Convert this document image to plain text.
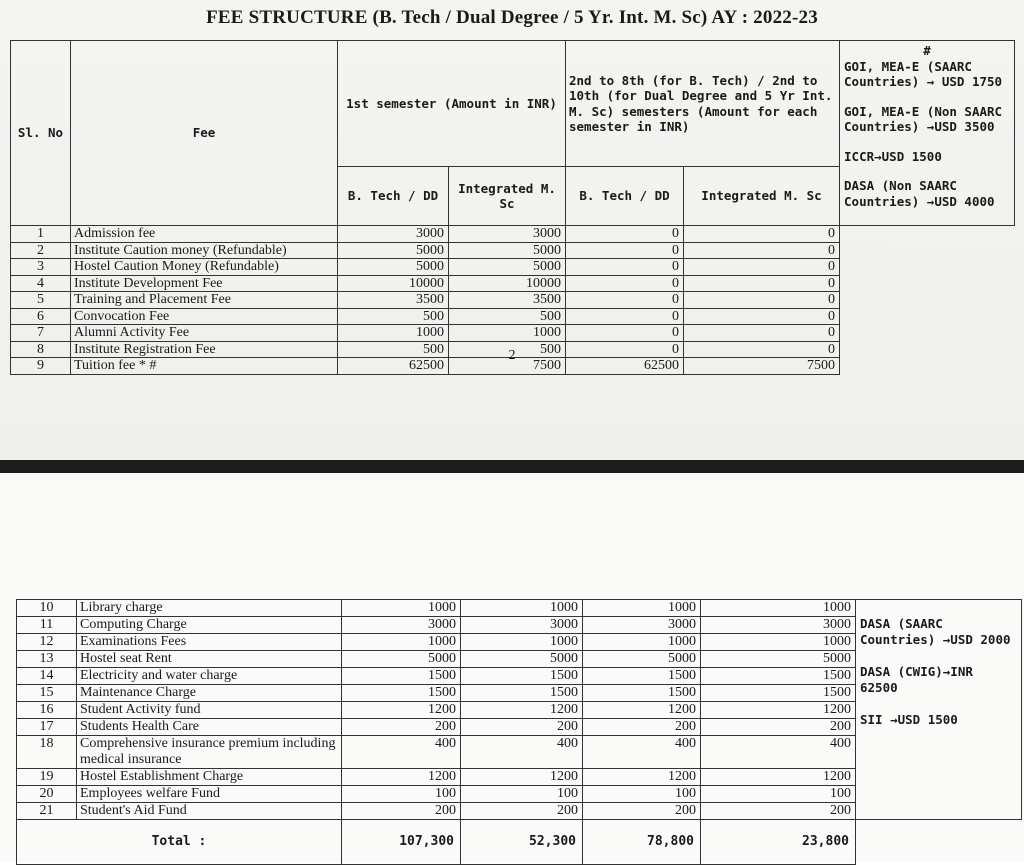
FEE STRUCTURE (B. Tech / Dual Degree / 5 Yr. Int. M. Sc) AY : 2022-23
Sl. No	Fee	1st semester (Amount in INR)		2nd to 8th (for B. Tech) / 2nd to 10th (for Dual Degree and 5 Yr Int. M. Sc) semesters (Amount for each semester in INR)		#
GOI, MEA-E (SAARC Countries) → USD 1750
GOI, MEA-E (Non SAARC Countries) →USD 3500
ICCR→USD 1500
DASA (Non SAARC Countries) →USD 4000

		B. Tech / DD	Integrated M. Sc	B. Tech / DD	Integrated M. Sc	
1	Admission fee	3000	3000	0	0	
2	Institute Caution money (Refundable)	5000	5000	0	0	
3	Hostel Caution Money (Refundable)	5000	5000	0	0	
4	Institute Development Fee	10000	10000	0	0	
5	Training and Placement Fee	3500	3500	0	0	
6	Convocation Fee	500	500	0	0	
7	Alumni Activity Fee	1000	1000	0	0	
8	Institute Registration Fee	500	500	0	0	
9	Tuition fee * #	62500	7500	62500	7500	
2
10	Library charge	1000	1000	1000	1000	DASA (SAARC Countries) →USD 2000
DASA (CWIG)→INR 62500
SII →USD 1500

11	Computing Charge	3000	3000	3000	3000	
12	Examinations Fees	1000	1000	1000	1000	
13	Hostel seat Rent	5000	5000	5000	5000	
14	Electricity and water charge	1500	1500	1500	1500	
15	Maintenance Charge	1500	1500	1500	1500	
16	Student Activity fund	1200	1200	1200	1200	
17	Students Health Care	200	200	200	200	
18	Comprehensive insurance premium including medical insurance	400	400	400	400	
19	Hostel Establishment Charge	1200	1200	1200	1200	
20	Employees welfare Fund	100	100	100	100	
21	Student's Aid Fund	200	200	200	200	
Total :		107,300	52,300	78,800	23,800	
